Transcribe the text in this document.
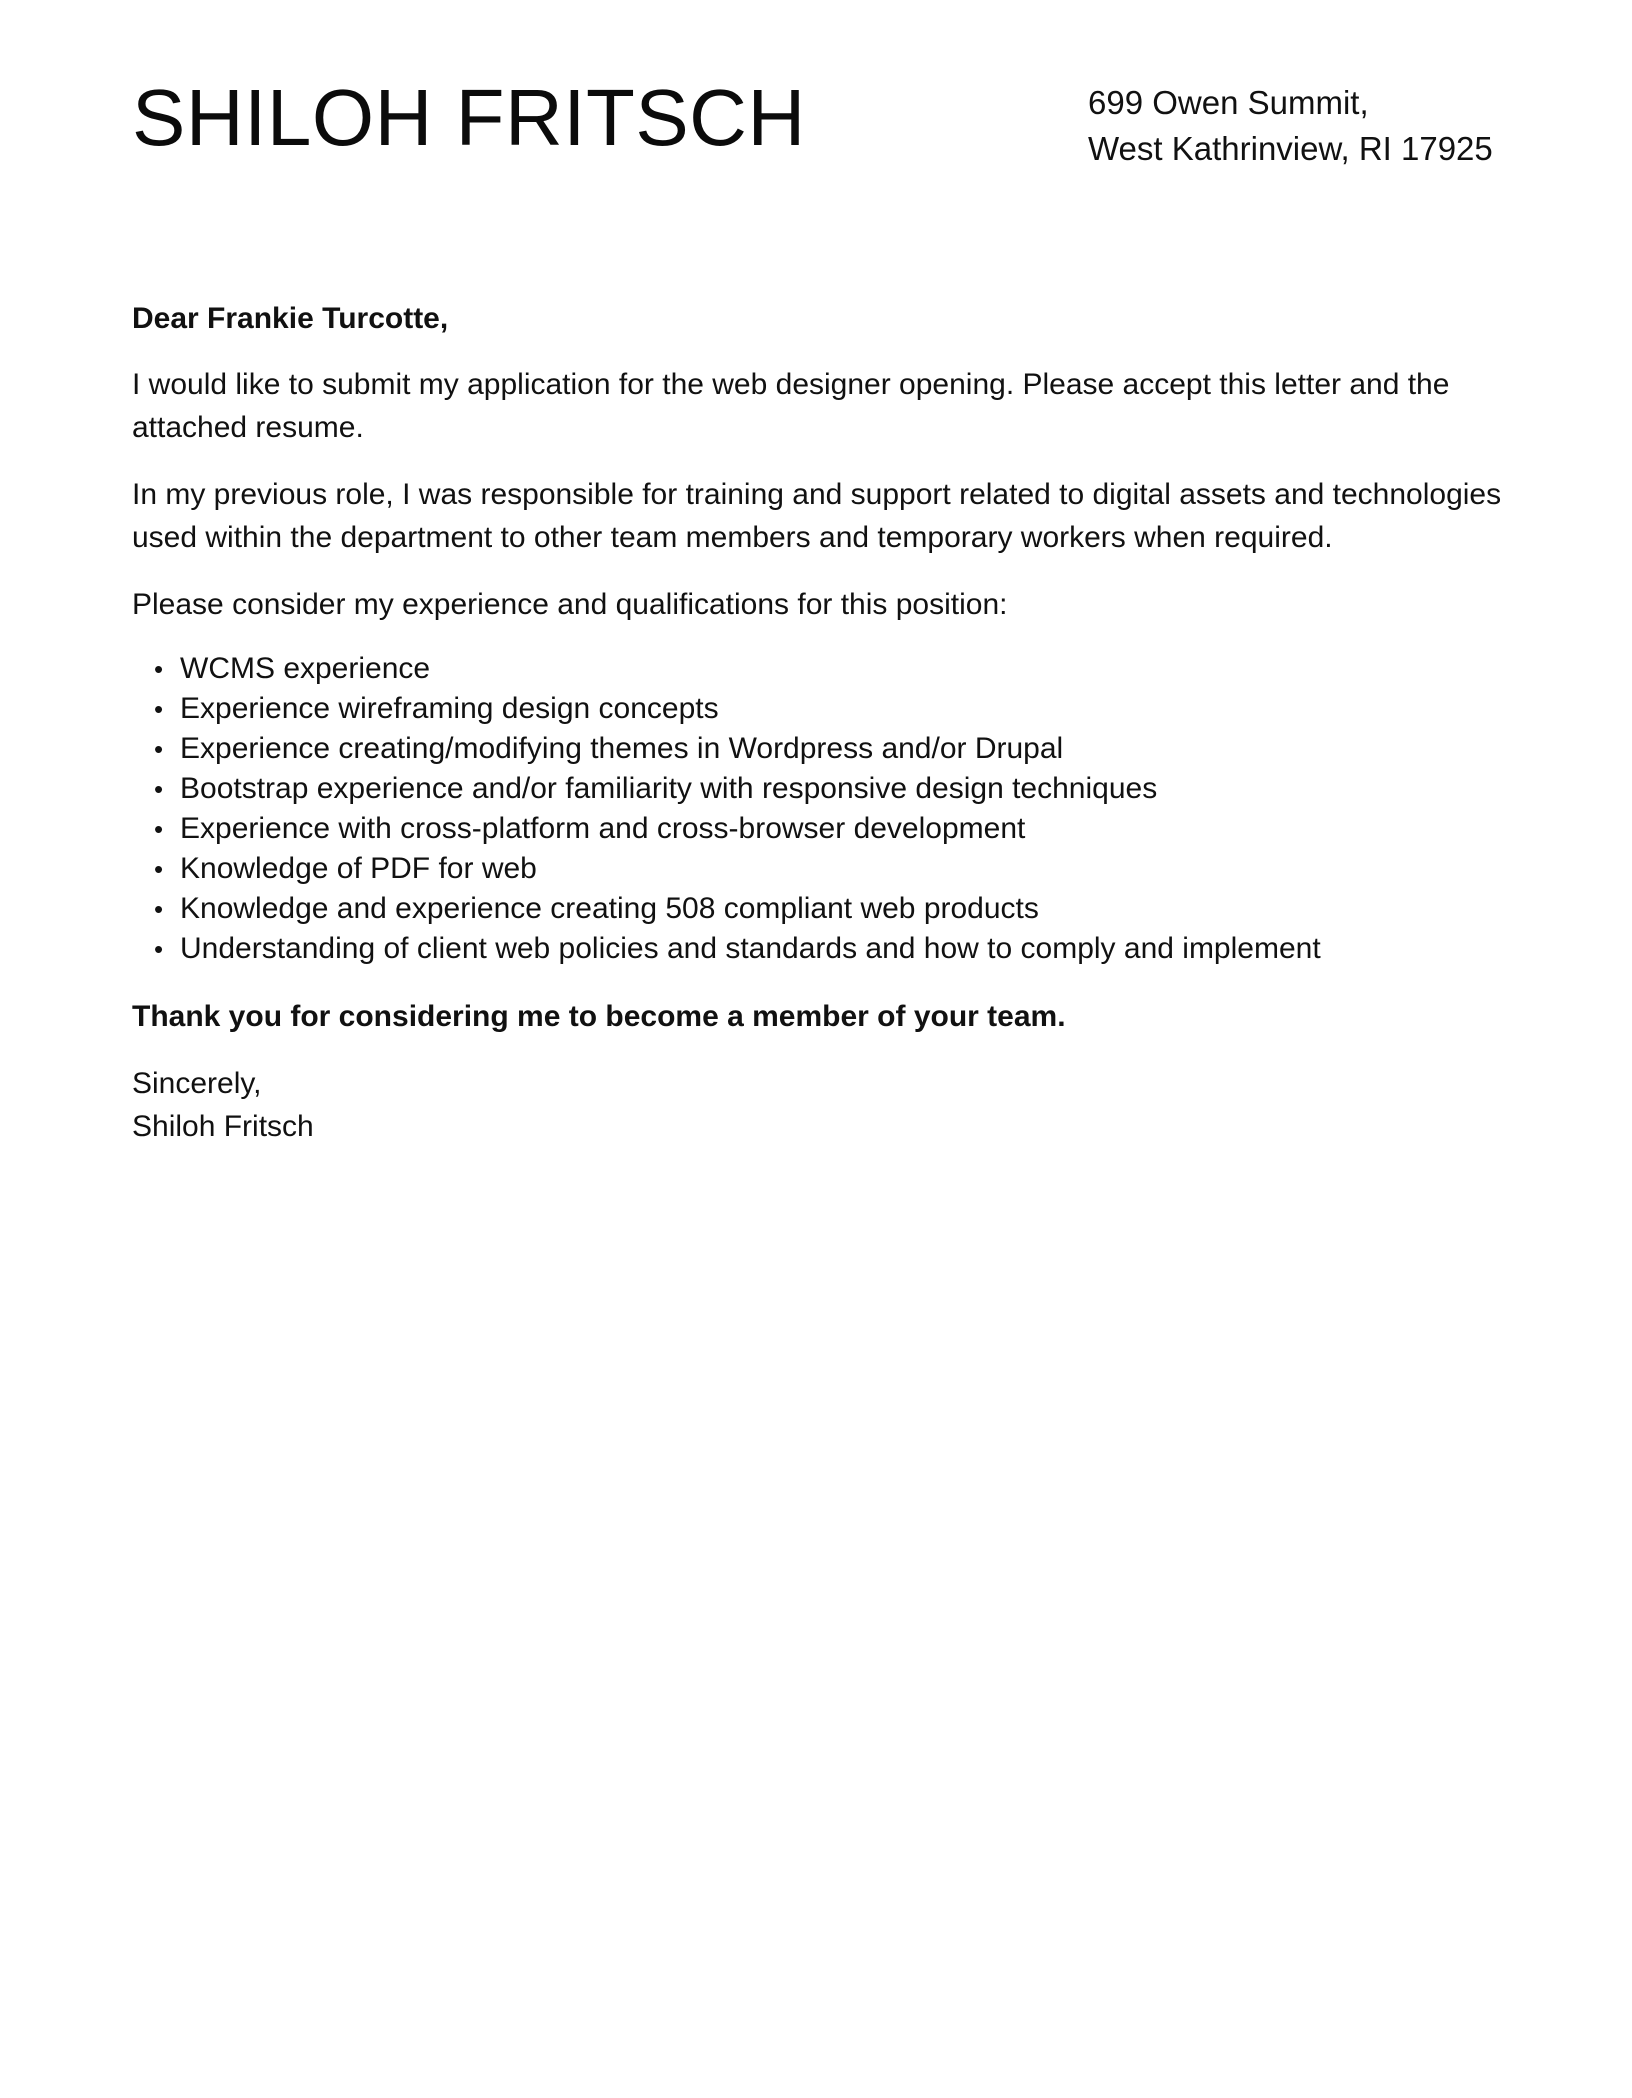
SHILOH FRITSCH	699 Owen Summit,
West Kathrinview, RI 17925

Dear Frankie Turcotte,

I would like to submit my application for the web designer opening. Please accept this letter and the attached resume.

In my previous role, I was responsible for training and support related to digital assets and technologies used within the department to other team members and temporary workers when required.

Please consider my experience and qualifications for this position:

• WCMS experience
• Experience wireframing design concepts
• Experience creating/modifying themes in Wordpress and/or Drupal
• Bootstrap experience and/or familiarity with responsive design techniques
• Experience with cross-platform and cross-browser development
• Knowledge of PDF for web
• Knowledge and experience creating 508 compliant web products
• Understanding of client web policies and standards and how to comply and implement

Thank you for considering me to become a member of your team.

Sincerely,
Shiloh Fritsch
